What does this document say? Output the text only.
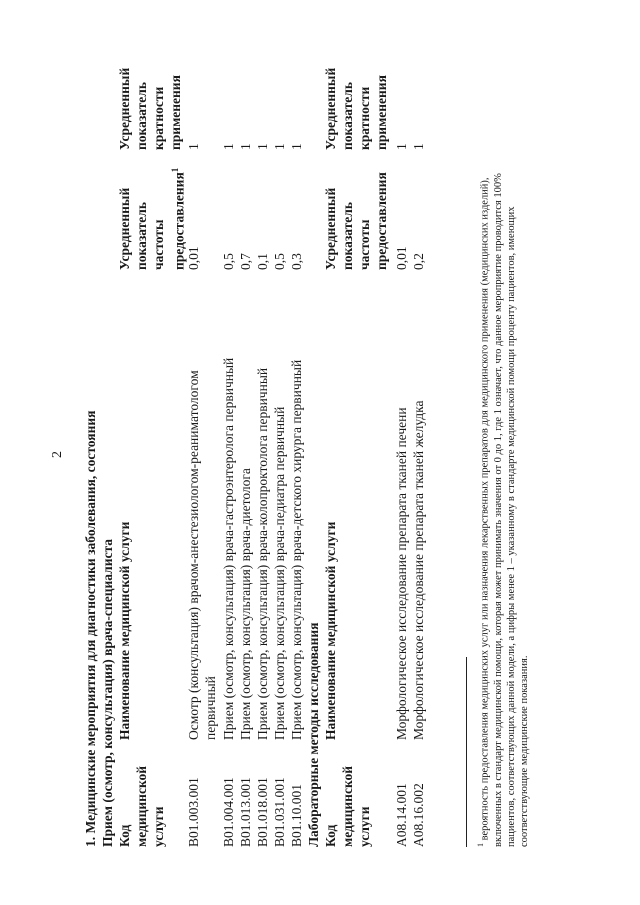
2 1. Медицинские мероприятия для диагностики заболевания, состояния Прием (осмотр, консультация) врача-специалиста Код медицинской услуги
Наименование медицинской услуги
Усредненный показатель частоты предоставления$^1$
Усредненный показатель кратности применения
B01.003.001
Осмотр (консультация) врачом-анестезиологом-реаниматологом первичный
0,01
1
B01.004.001
Прием (осмотр, консультация) врача-гастроэнтеролога первичный
0,5
1
B01.013.001
Прием (осмотр, консультация) врача-диетолога
0,7
1
B01.018.001
Прием (осмотр, консультация) врача-колопроктолога первичный
0,1
1
B01.031.001
Прием (осмотр, консультация) врача-педиатра первичный
0,5
1
B01.10.001
Прием (осмотр, консультация) врача-детского хирурга первичный
0,3
1
Лабораторные методы исследования Код медицинской услуги
Наименование медицинской услуги
Усредненный показатель частоты предоставления
Усредненный показатель кратности применения
A08.14.001
Морфологическое исследование препарата тканей печени
0,01
1
A08.16.002
Морфологическое исследование препарата тканей желудка
0,2
1
$^1$ вероятность предоставления медицинских услуг или назначения лекарственных препаратов для медицинского применения (медицинских изделий), включенных в стандарт медицинской помощи, которая может принимать значения от 0 до 1, где 1 означает, что данное мероприятие проводится 100% пациентов, соответствующих данной модели, а цифры менее 1 – указанному в стандарте медицинской помощи проценту пациентов, имеющих соответствующие медицинские показания.
